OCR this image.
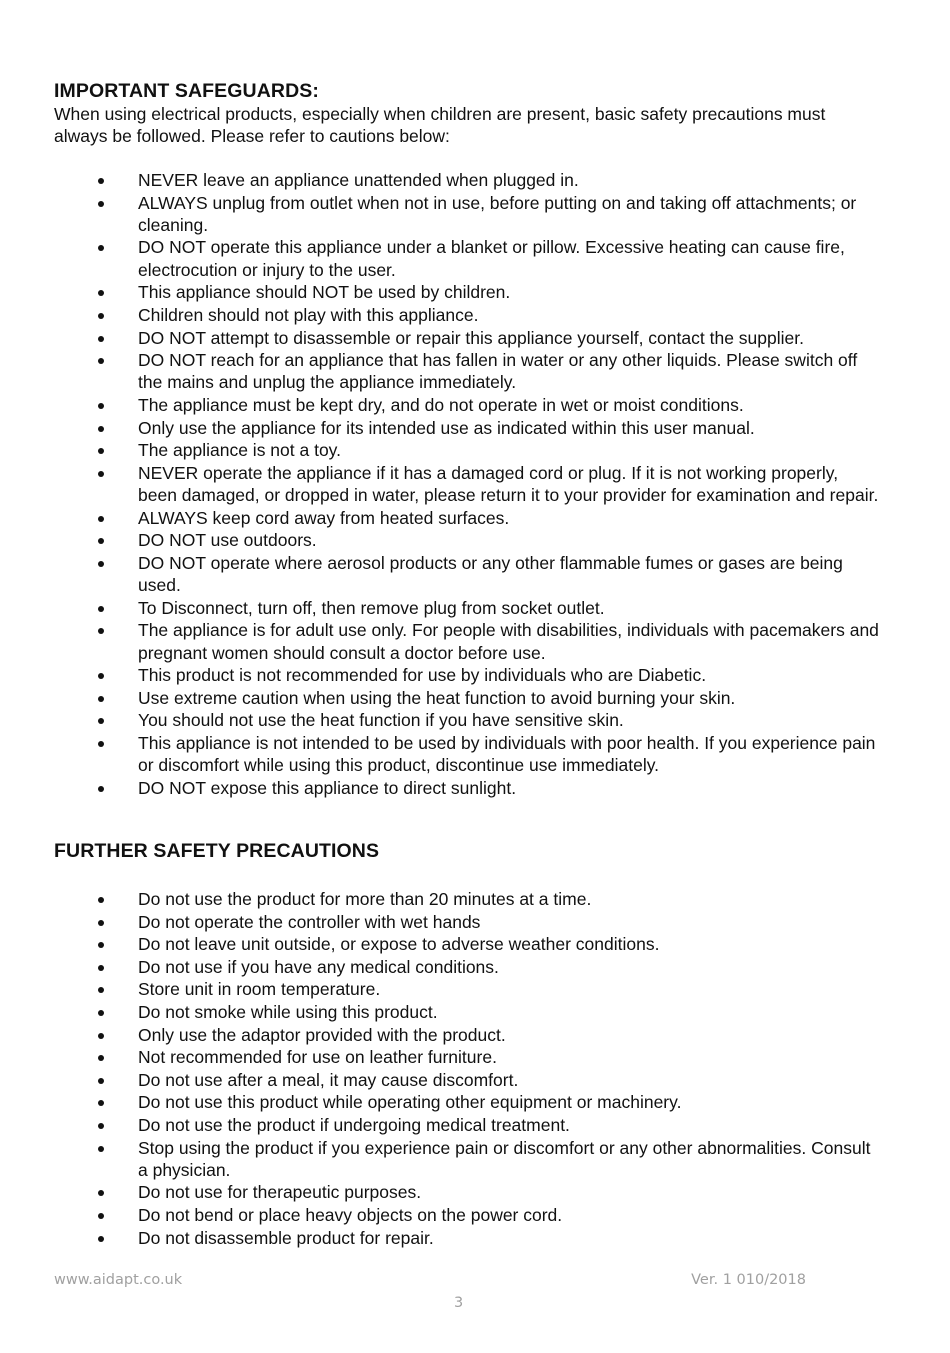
IMPORTANT SAFEGUARDS:

When using electrical products, especially when children are present, basic safety precautions must always be followed. Please refer to cautions below:

NEVER leave an appliance unattended when plugged in.
ALWAYS unplug from outlet when not in use, before putting on and taking off attachments; or cleaning.
DO NOT operate this appliance under a blanket or pillow. Excessive heating can cause fire, electrocution or injury to the user.
This appliance should NOT be used by children.
Children should not play with this appliance.
DO NOT attempt to disassemble or repair this appliance yourself, contact the supplier.
DO NOT reach for an appliance that has fallen in water or any other liquids. Please switch off the mains and unplug the appliance immediately.
The appliance must be kept dry, and do not operate in wet or moist conditions.
Only use the appliance for its intended use as indicated within this user manual.
The appliance is not a toy.
NEVER operate the appliance if it has a damaged cord or plug. If it is not working properly, been damaged, or dropped in water, please return it to your provider for examination and repair.
ALWAYS keep cord away from heated surfaces.
DO NOT use outdoors.
DO NOT operate where aerosol products or any other flammable fumes or gases are being used.
To Disconnect, turn off, then remove plug from socket outlet.
The appliance is for adult use only. For people with disabilities, individuals with pacemakers and pregnant women should consult a doctor before use.
This product is not recommended for use by individuals who are Diabetic.
Use extreme caution when using the heat function to avoid burning your skin.
You should not use the heat function if you have sensitive skin.
This appliance is not intended to be used by individuals with poor health. If you experience pain or discomfort while using this product, discontinue use immediately.
DO NOT expose this appliance to direct sunlight.
FURTHER SAFETY PRECAUTIONS
Do not use the product for more than 20 minutes at a time.
Do not operate the controller with wet hands
Do not leave unit outside, or expose to adverse weather conditions.
Do not use if you have any medical conditions.
Store unit in room temperature.
Do not smoke while using this product.
Only use the adaptor provided with the product.
Not recommended for use on leather furniture.
Do not use after a meal, it may cause discomfort.
Do not use this product while operating other equipment or machinery.
Do not use the product if undergoing medical treatment.
Stop using the product if you experience pain or discomfort or any other abnormalities. Consult a physician.
Do not use for therapeutic purposes.
Do not bend or place heavy objects on the power cord.
Do not disassemble product for repair.

www.aidapt.co.uk	Ver. 1 010/2018

3
